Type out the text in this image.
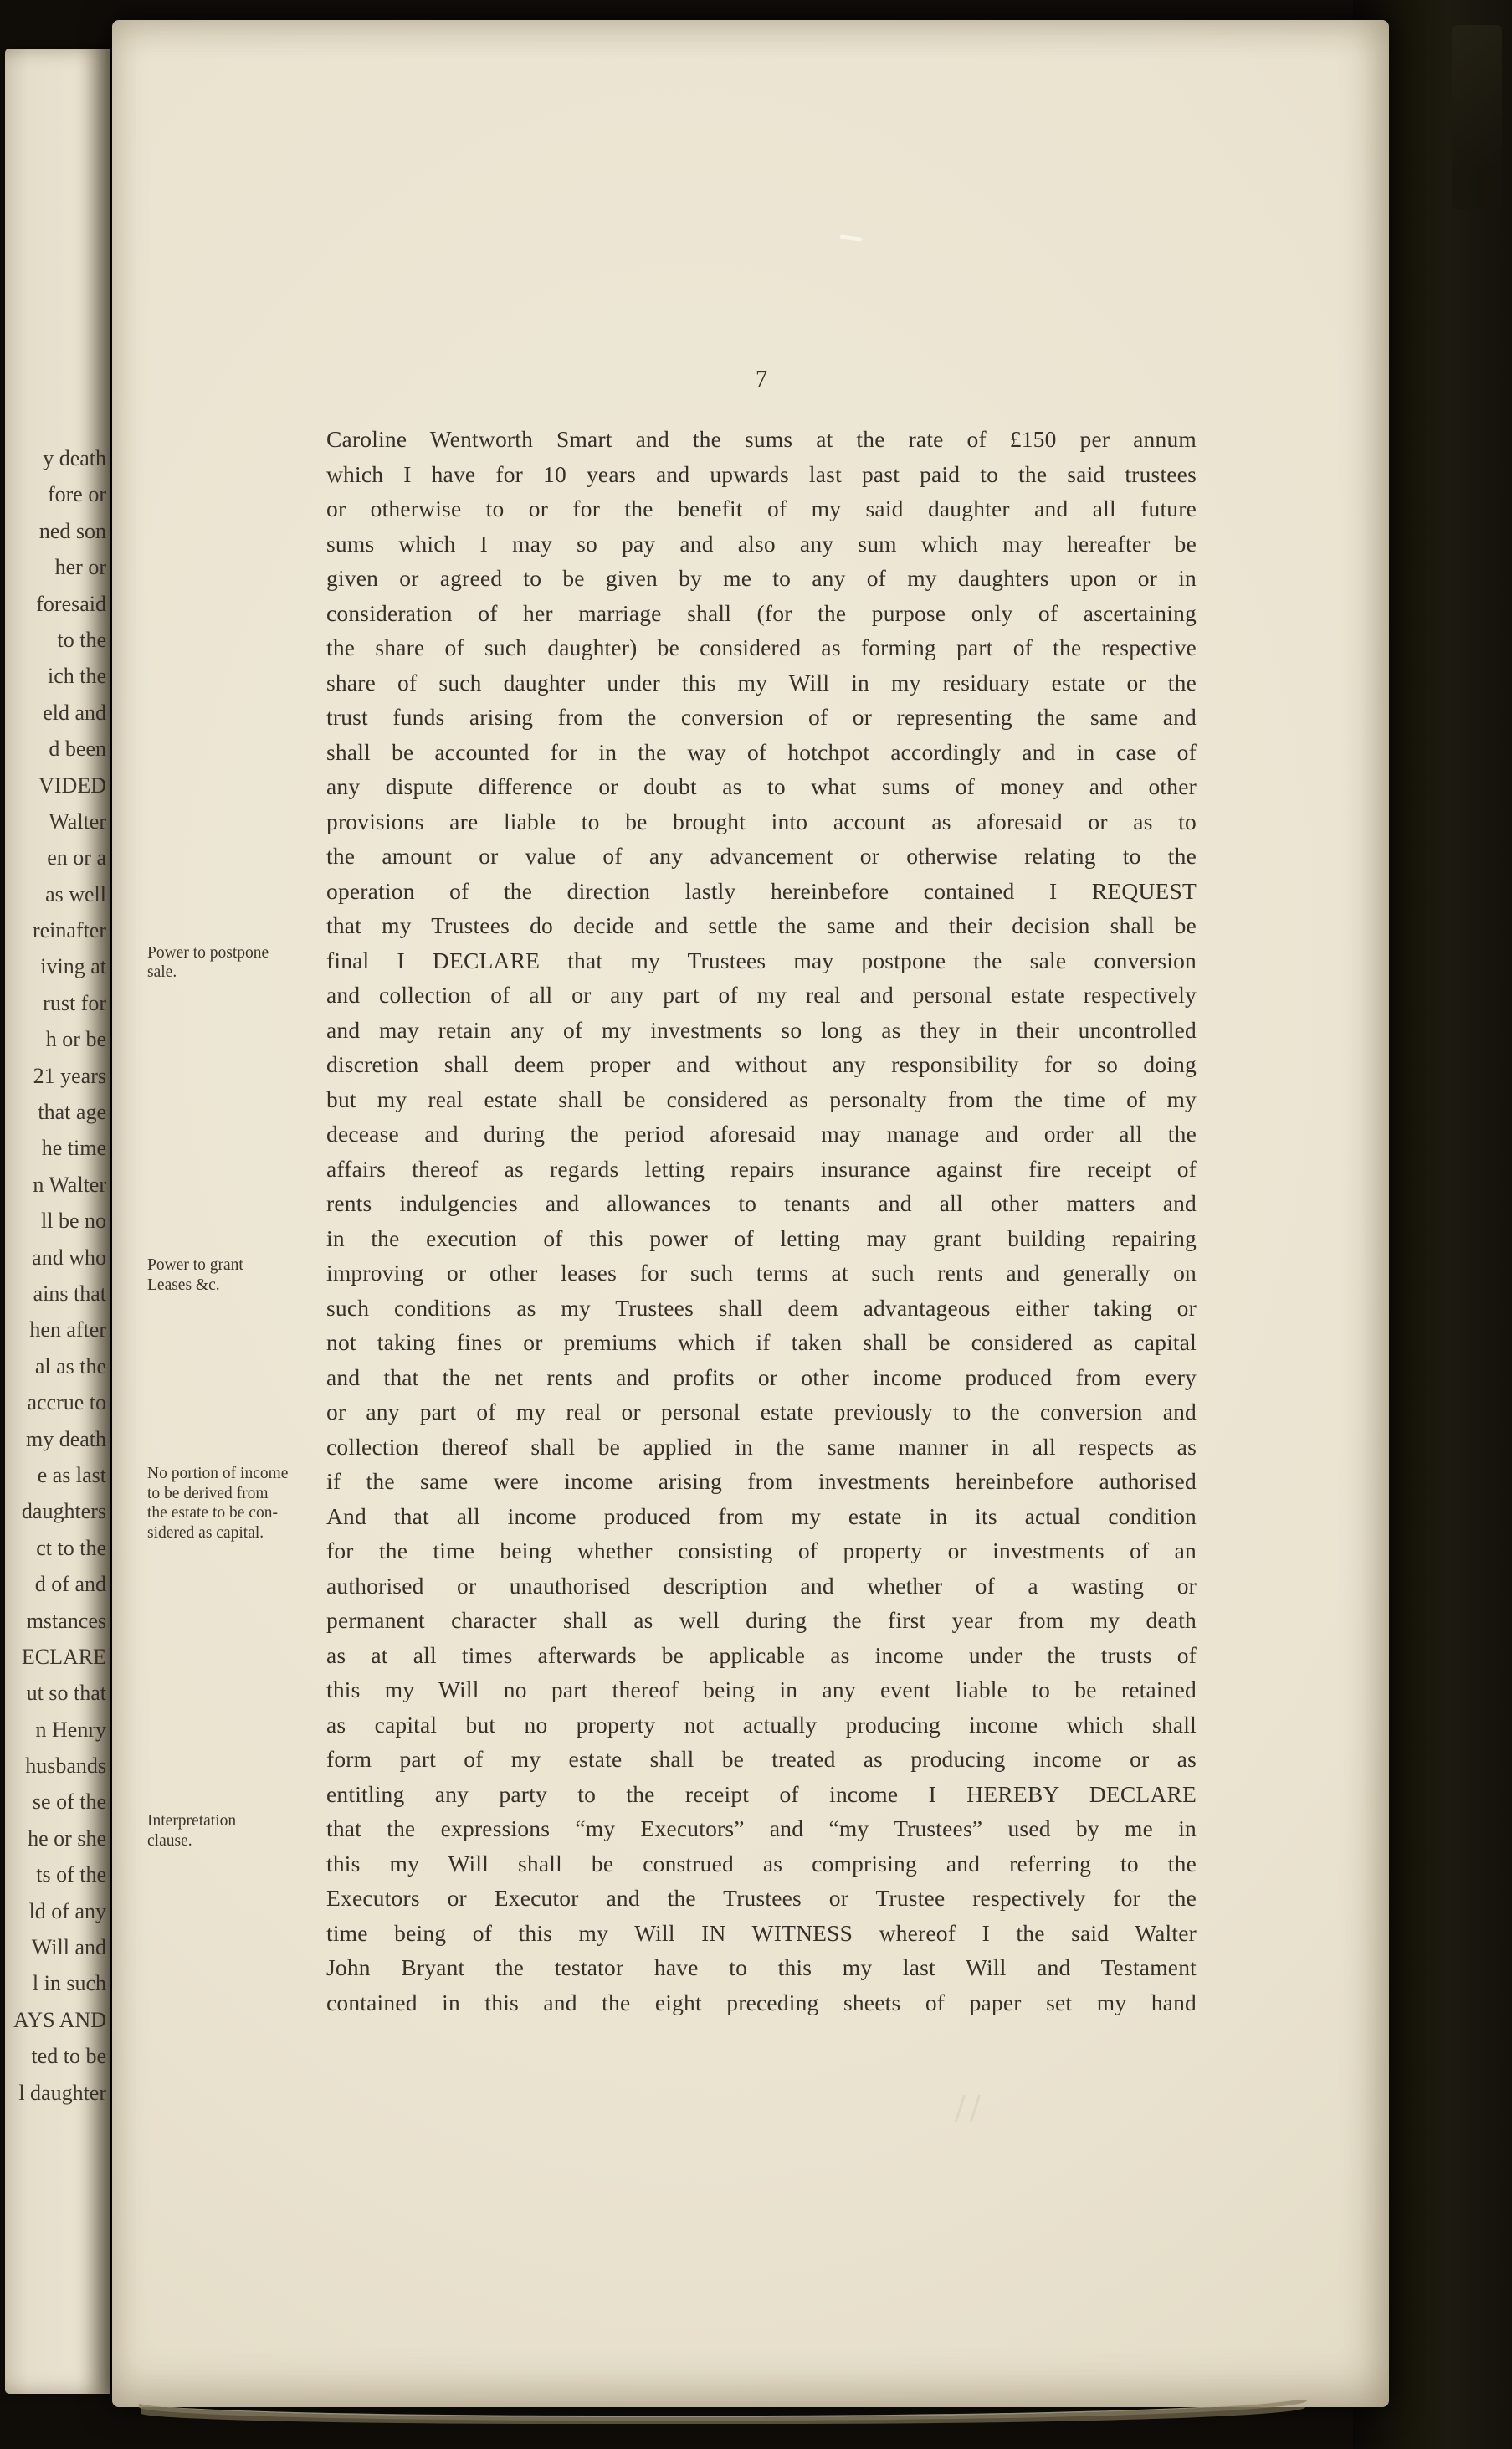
y death
fore or
ned son
her or
foresaid
to the
ich the
eld and
d been
VIDED
Walter
en or a
as well
reinafter
iving at
rust for
h or be
21 years
that age
he time
n Walter
ll be no
and who
ains that
hen after
al as the
accrue to
my death
e as last
daughters
ct to the
d of and
mstances
ECLARE
ut so that
n Henry
husbands
se of the
he or she
ts of the
ld of any
Will and
l in such
AYS AND
ted to be
l daughter
7
Power to postpone
sale.
Power to grant
Leases &c.
No portion of income
to be derived from
the estate to be con-
sidered as capital.
Interpretation
clause.
Caroline Wentworth Smart and the sums at the rate of £150 per annum
which I have for 10 years and upwards last past paid to the said trustees
or otherwise to or for the benefit of my said daughter and all future
sums which I may so pay and also any sum which may hereafter be
given or agreed to be given by me to any of my daughters upon or in
consideration of her marriage shall (for the purpose only of ascertaining
the share of such daughter) be considered as forming part of the respective
share of such daughter under this my Will in my residuary estate or the
trust funds arising from the conversion of or representing the same and
shall be accounted for in the way of hotchpot accordingly and in case of
any dispute difference or doubt as to what sums of money and other
provisions are liable to be brought into account as aforesaid or as to
the amount or value of any advancement or otherwise relating to the
operation of the direction lastly hereinbefore contained I REQUEST
that my Trustees do decide and settle the same and their decision shall be
final I DECLARE that my Trustees may postpone the sale conversion
and collection of all or any part of my real and personal estate respectively
and may retain any of my investments so long as they in their uncontrolled
discretion shall deem proper and without any responsibility for so doing
but my real estate shall be considered as personalty from the time of my
decease and during the period aforesaid may manage and order all the
affairs thereof as regards letting repairs insurance against fire receipt of
rents indulgencies and allowances to tenants and all other matters and
in the execution of this power of letting may grant building repairing
improving or other leases for such terms at such rents and generally on
such conditions as my Trustees shall deem advantageous either taking or
not taking fines or premiums which if taken shall be considered as capital
and that the net rents and profits or other income produced from every
or any part of my real or personal estate previously to the conversion and
collection thereof shall be applied in the same manner in all respects as
if the same were income arising from investments hereinbefore authorised
And that all income produced from my estate in its actual condition
for the time being whether consisting of property or investments of an
authorised or unauthorised description and whether of a wasting or
permanent character shall as well during the first year from my death
as at all times afterwards be applicable as income under the trusts of
this my Will no part thereof being in any event liable to be retained
as capital but no property not actually producing income which shall
form part of my estate shall be treated as producing income or as
entitling any party to the receipt of income I HEREBY DECLARE
that the expressions “my Executors” and “my Trustees” used by me in
this my Will shall be construed as comprising and referring to the
Executors or Executor and the Trustees or Trustee respectively for the
time being of this my Will IN WITNESS whereof I the said Walter
John Bryant the testator have to this my last Will and Testament
contained in this and the eight preceding sheets of paper set my hand
